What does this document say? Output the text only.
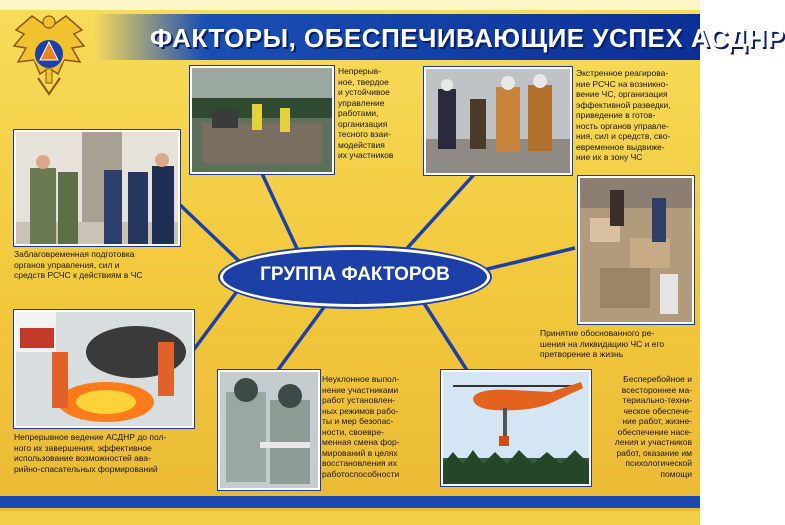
ФАКТОРЫ, ОБЕСПЕЧИВАЮЩИЕ УСПЕХ АСДНР
ГРУППА ФАКТОРОВ
Непрерыв-
ное, твердое
и устойчивое
управление
работами,
организация
тесного взаи-
модействия
их участников
Экстренное реагирова-
ние РСЧС на возникно-
вение ЧС, организация
эффективной разведки,
приведение в готов-
ность органов управле-
ния, сил и средств, сво-
евременное выдвиже-
ние их в зону ЧС
Заблаговременная подготовка
органов управления, сил и
средств РСЧС к действиям в ЧС
Принятие обоснованного ре-
шения на ликвидацию ЧС и его
претворение в жизнь
Непрерывное ведение АСДНР до пол-
ного их завершения, эффективное
использование возможностей ава-
рийно-спасательных формирований
Неуклонное выпол-
нение участниками
работ установлен-
ных режимов рабо-
ты и мер безопас-
ности, своевре-
менная смена фор-
мирований в целях
восстановления их
работоспособности
Бесперебойное и
всестороннее ма-
териально-техни-
ческое обеспече-
ние работ, жизне-
обеспечение насе-
ления и участников
работ, оказание им
психологической
помощи
